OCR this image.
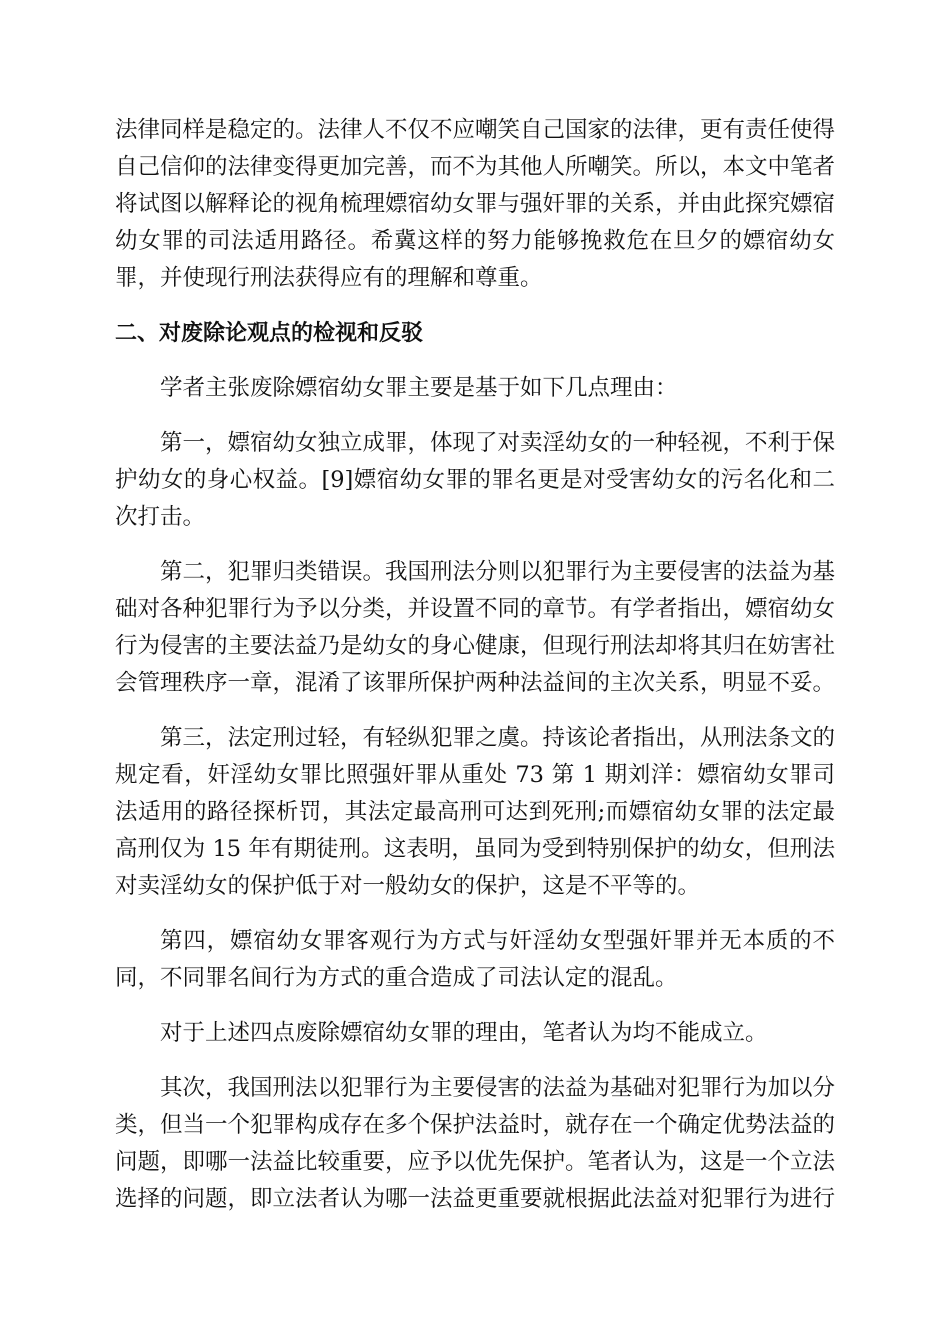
法律同样是稳定的。法律人不仅不应嘲笑自己国家的法律，更有责任使得自己信仰的法律变得更加完善，而不为其他人所嘲笑。所以，本文中笔者将试图以解释论的视角梳理嫖宿幼女罪与强奸罪的关系，并由此探究嫖宿幼女罪的司法适用路径。希冀这样的努力能够挽救危在旦夕的嫖宿幼女罪，并使现行刑法获得应有的理解和尊重。

二、对废除论观点的检视和反驳

学者主张废除嫖宿幼女罪主要是基于如下几点理由：

第一，嫖宿幼女独立成罪，体现了对卖淫幼女的一种轻视，不利于保护幼女的身心权益。[9]嫖宿幼女罪的罪名更是对受害幼女的污名化和二次打击。

第二，犯罪归类错误。我国刑法分则以犯罪行为主要侵害的法益为基础对各种犯罪行为予以分类，并设置不同的章节。有学者指出，嫖宿幼女行为侵害的主要法益乃是幼女的身心健康，但现行刑法却将其归在妨害社会管理秩序一章，混淆了该罪所保护两种法益间的主次关系，明显不妥。

第三，法定刑过轻，有轻纵犯罪之虞。持该论者指出，从刑法条文的规定看，奸淫幼女罪比照强奸罪从重处 73 第 1 期刘洋：嫖宿幼女罪司法适用的路径探析罚，其法定最高刑可达到死刑;而嫖宿幼女罪的法定最高刑仅为 15 年有期徒刑。这表明，虽同为受到特别保护的幼女，但刑法对卖淫幼女的保护低于对一般幼女的保护，这是不平等的。

第四，嫖宿幼女罪客观行为方式与奸淫幼女型强奸罪并无本质的不同，不同罪名间行为方式的重合造成了司法认定的混乱。

对于上述四点废除嫖宿幼女罪的理由，笔者认为均不能成立。

其次，我国刑法以犯罪行为主要侵害的法益为基础对犯罪行为加以分类，但当一个犯罪构成存在多个保护法益时，就存在一个确定优势法益的问题，即哪一法益比较重要，应予以优先保护。笔者认为，这是一个立法选择的问题，即立法者认为哪一法益更重要就根据此法益对犯罪行为进行
